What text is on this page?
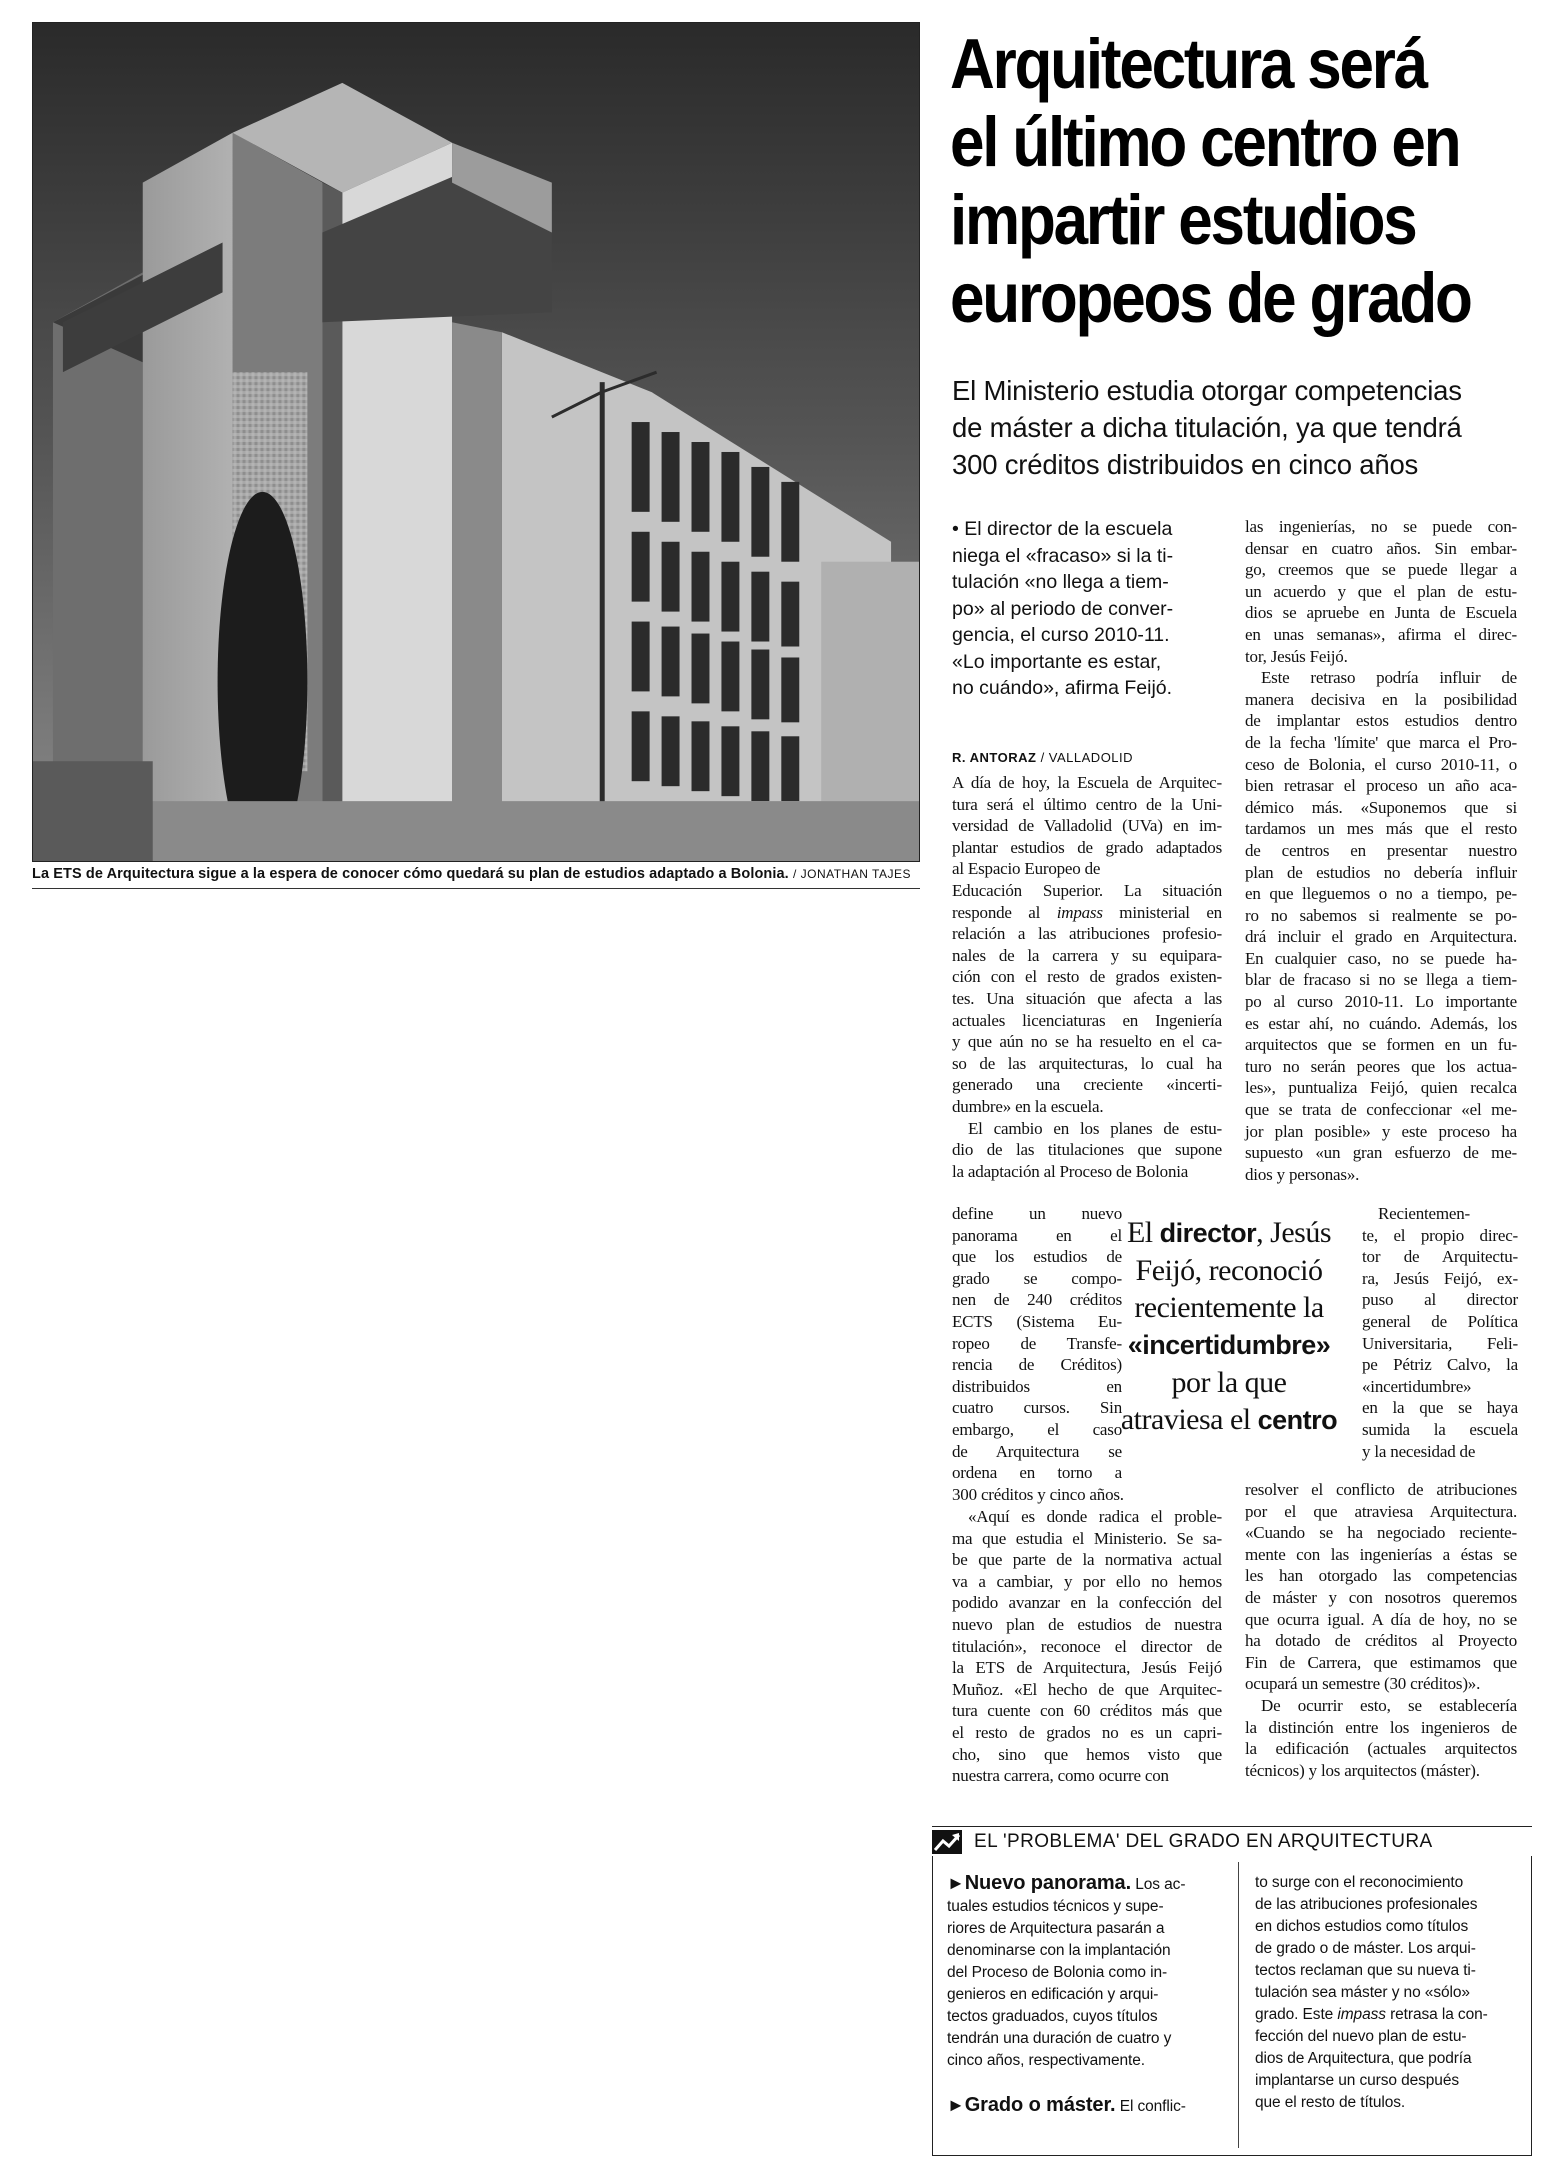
La ETS de Arquitectura sigue a la espera de conocer cómo quedará su plan de estudios adaptado a Bolonia. / JONATHAN TAJES
Arquitectura será
el último centro en
impartir estudios
europeos de grado
El Ministerio estudia otorgar competencias
de máster a dicha titulación, ya que tendrá
300 créditos distribuidos en cinco años
• El director de la escuela
niega el «fracaso» si la ti-
tulación «no llega a tiem-
po» al periodo de conver-
gencia, el curso 2010-11.
«Lo importante es estar,
no cuándo», afirma Feijó.
R. ANTORAZ / VALLADOLID
A día de hoy, la Escuela de Arquitec-
tura será el último centro de la Uni-
versidad de Valladolid (UVa) en im-
plantar estudios de grado adaptados
al Espacio Europeo de
Educación Superior. La situación
responde al impass ministerial en
relación a las atribuciones profesio-
nales de la carrera y su equipara-
ción con el resto de grados existen-
tes. Una situación que afecta a las
actuales licenciaturas en Ingeniería
y que aún no se ha resuelto en el ca-
so de las arquitecturas, lo cual ha
generado una creciente «incerti-
dumbre» en la escuela.
El cambio en los planes de estu-
dio de las titulaciones que supone
la adaptación al Proceso de Bolonia
define un nuevo
panorama en el
que los estudios de
grado se compo-
nen de 240 créditos
ECTS (Sistema Eu-
ropeo de Transfe-
rencia de Créditos)
distribuidos en
cuatro cursos. Sin
embargo, el caso
de Arquitectura se
ordena en torno a
300 créditos y cinco años.
«Aquí es donde radica el proble-
ma que estudia el Ministerio. Se sa-
be que parte de la normativa actual
va a cambiar, y por ello no hemos
podido avanzar en la confección del
nuevo plan de estudios de nuestra
titulación», reconoce el director de
la ETS de Arquitectura, Jesús Feijó
Muñoz. «El hecho de que Arquitec-
tura cuente con 60 créditos más que
el resto de grados no es un capri-
cho, sino que hemos visto que
nuestra carrera, como ocurre con
las ingenierías, no se puede con-
densar en cuatro años. Sin embar-
go, creemos que se puede llegar a
un acuerdo y que el plan de estu-
dios se apruebe en Junta de Escuela
en unas semanas», afirma el direc-
tor, Jesús Feijó.
Este retraso podría influir de
manera decisiva en la posibilidad
de implantar estos estudios dentro
de la fecha 'límite' que marca el Pro-
ceso de Bolonia, el curso 2010-11, o
bien retrasar el proceso un año aca-
démico más. «Suponemos que si
tardamos un mes más que el resto
de centros en presentar nuestro
plan de estudios no debería influir
en que lleguemos o no a tiempo, pe-
ro no sabemos si realmente se po-
drá incluir el grado en Arquitectura.
En cualquier caso, no se puede ha-
blar de fracaso si no se llega a tiem-
po al curso 2010-11. Lo importante
es estar ahí, no cuándo. Además, los
arquitectos que se formen en un fu-
turo no serán peores que los actua-
les», puntualiza Feijó, quien recalca
que se trata de confeccionar «el me-
jor plan posible» y este proceso ha
supuesto «un gran esfuerzo de me-
dios y personas».
Recientemen-
te, el propio direc-
tor de Arquitectu-
ra, Jesús Feijó, ex-
puso al director
general de Política
Universitaria, Feli-
pe Pétriz Calvo, la
«incertidumbre»
en la que se haya
sumida la escuela
y la necesidad de
resolver el conflicto de atribuciones
por el que atraviesa Arquitectura.
«Cuando se ha negociado reciente-
mente con las ingenierías a éstas se
les han otorgado las competencias
de máster y con nosotros queremos
que ocurra igual. A día de hoy, no se
ha dotado de créditos al Proyecto
Fin de Carrera, que estimamos que
ocupará un semestre (30 créditos)».
De ocurrir esto, se establecería
la distinción entre los ingenieros de
la edificación (actuales arquitectos
técnicos) y los arquitectos (máster).
El director, Jesús
Feijó, reconoció
recientemente la
«incertidumbre»
por la que
atraviesa el centro
EL 'PROBLEMA' DEL GRADO EN ARQUITECTURA
►Nuevo panorama. Los ac-
tuales estudios técnicos y supe-
riores de Arquitectura pasarán a
denominarse con la implantación
del Proceso de Bolonia como in-
genieros en edificación y arqui-
tectos graduados, cuyos títulos
tendrán una duración de cuatro y
cinco años, respectivamente.
►Grado o máster. El conflic-
to surge con el reconocimiento
de las atribuciones profesionales
en dichos estudios como títulos
de grado o de máster. Los arqui-
tectos reclaman que su nueva ti-
tulación sea máster y no «sólo»
grado. Este impass retrasa la con-
fección del nuevo plan de estu-
dios de Arquitectura, que podría
implantarse un curso después
que el resto de títulos.
